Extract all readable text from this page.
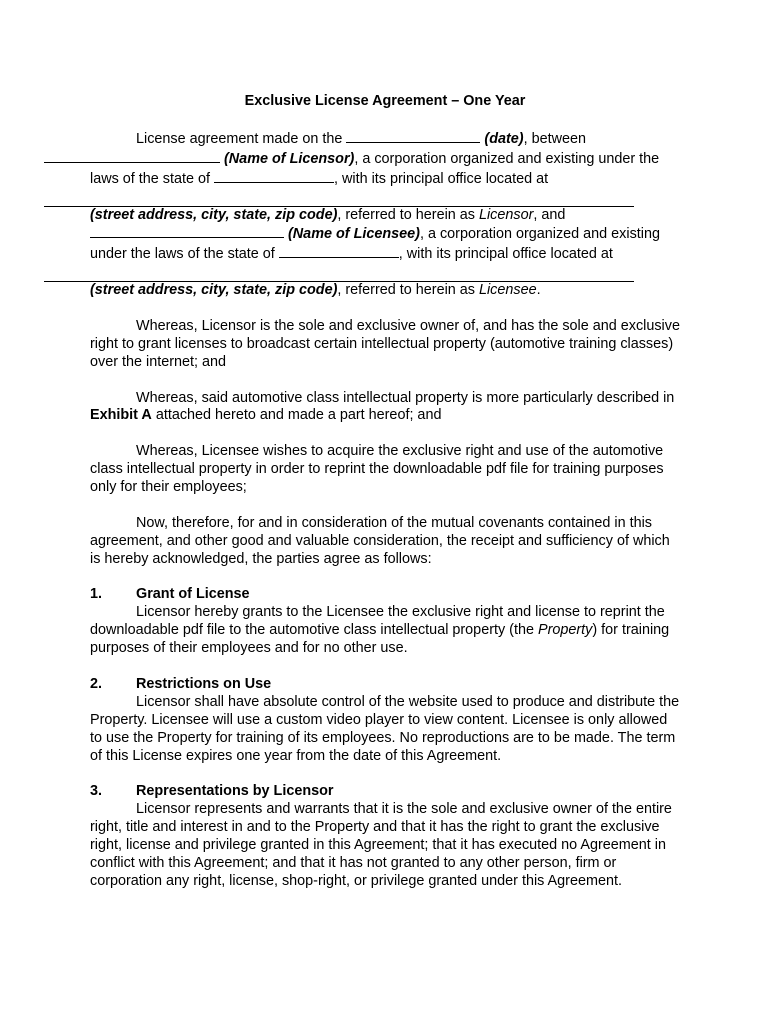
Exclusive License Agreement – One Year

License agreement made on the	(date), between
(Name of Licensor), a corporation organized and existing under the laws of the state of	, with its principal office located at
(street address, city, state, zip code), referred to herein as Licensor, and  (Name of Licensee), a corporation organized and existing under the laws of the state of	, with its principal office located at
(street address, city, state, zip code), referred to herein as Licensee.

Whereas, Licensor is the sole and exclusive owner of, and has the sole and exclusive right to grant licenses to broadcast certain intellectual property (automotive training classes) over the internet; and

Whereas, said automotive class intellectual property is more particularly described in Exhibit A attached hereto and made a part hereof; and

Whereas, Licensee wishes to acquire the exclusive right and use of the automotive class intellectual property in order to reprint the downloadable pdf file for training purposes only for their employees;

Now, therefore, for and in consideration of the mutual covenants contained in this agreement, and other good and valuable consideration, the receipt and sufficiency of which is hereby acknowledged, the parties agree as follows:

1.	Grant of License

Licensor hereby grants to the Licensee the exclusive right and license to reprint the downloadable pdf file to the automotive class intellectual property (the Property) for training purposes of their employees and for no other use.

2.	Restrictions on Use

Licensor shall have absolute control of the website used to produce and distribute the Property. Licensee will use a custom video player to view content. Licensee is only allowed to use the Property for training of its employees. No reproductions are to be made. The term of this License expires one year from the date of this Agreement.

3.	Representations by Licensor

Licensor represents and warrants that it is the sole and exclusive owner of the entire right, title and interest in and to the Property and that it has the right to grant the exclusive right, license and privilege granted in this Agreement; that it has executed no Agreement in conflict with this Agreement; and that it has not granted to any other person, firm or corporation any right, license, shop-right, or privilege granted under this Agreement.
